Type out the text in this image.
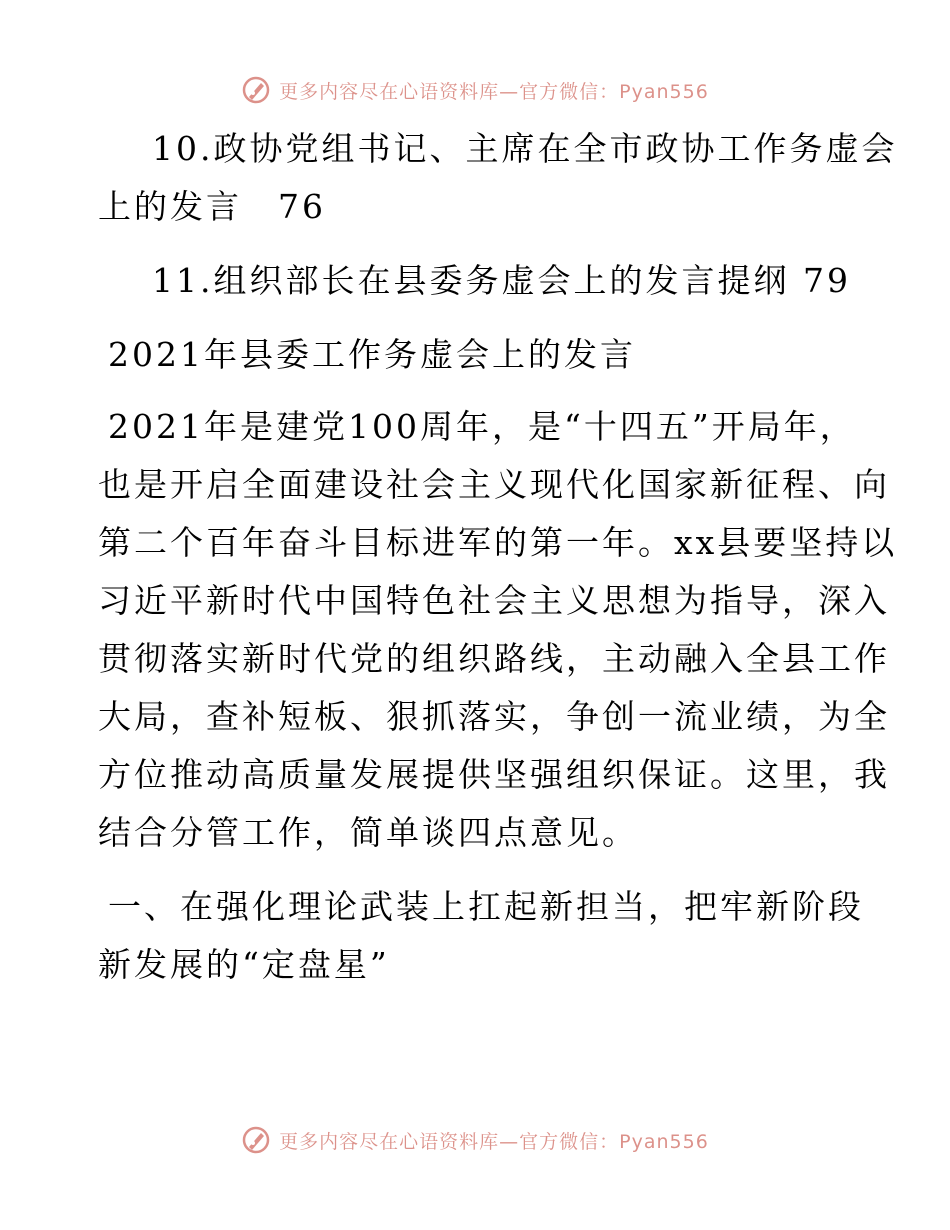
更多内容尽在心语资料库—官方微信：Pyan556

10.政协党组书记、主席在全市政协工作务虚会

上的发言　76

11.组织部长在县委务虚会上的发言提纲 79

2021年县委工作务虚会上的发言

2021年是建党100周年，是“十四五”开局年，

也是开启全面建设社会主义现代化国家新征程、向

第二个百年奋斗目标进军的第一年。xx县要坚持以

习近平新时代中国特色社会主义思想为指导，深入

贯彻落实新时代党的组织路线，主动融入全县工作

大局，查补短板、狠抓落实，争创一流业绩，为全

方位推动高质量发展提供坚强组织保证。这里，我

结合分管工作，简单谈四点意见。

一、在强化理论武装上扛起新担当，把牢新阶段

新发展的“定盘星”

更多内容尽在心语资料库—官方微信：Pyan556
